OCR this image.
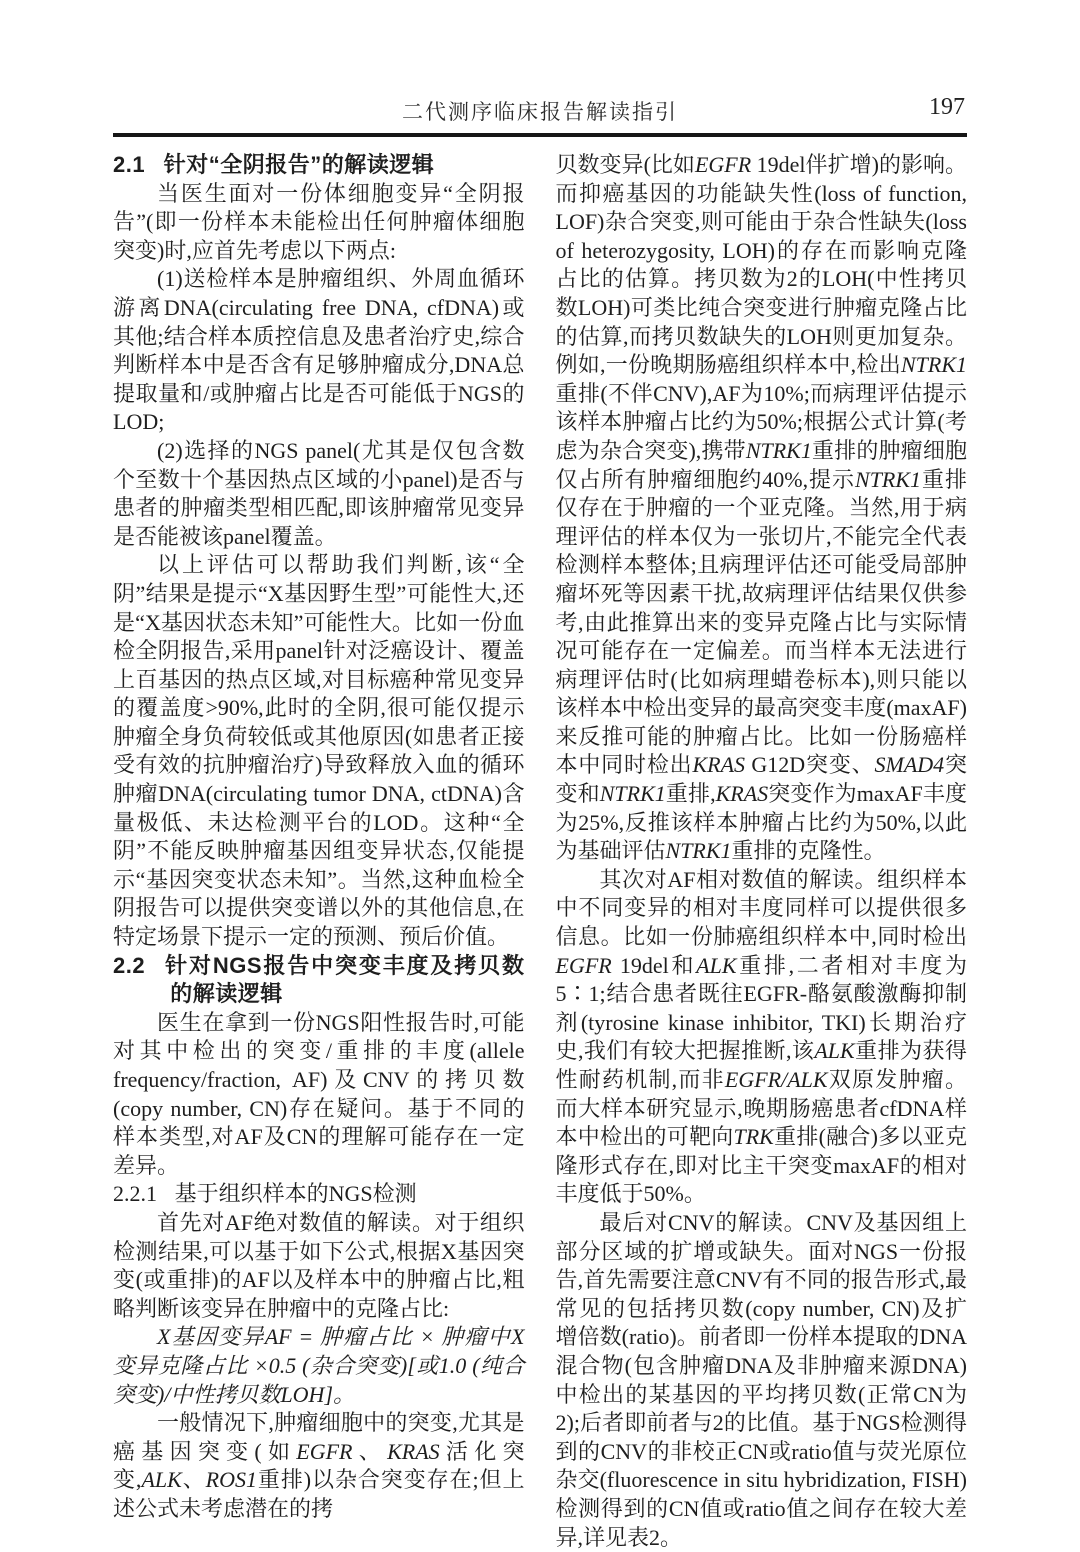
二代测序临床报告解读指引	197
2.1 针对“全阴报告”的解读逻辑
当医生面对一份体细胞变异“全阴报告”(即一份样本未能检出任何肿瘤体细胞突变)时,应首先考虑以下两点:
(1)送检样本是肿瘤组织、外周血循环游离DNA(circulating free DNA, cfDNA)或其他;结合样本质控信息及患者治疗史,综合判断样本中是否含有足够肿瘤成分,DNA总提取量和/或肿瘤占比是否可能低于NGS的LOD;
(2)选择的NGS panel(尤其是仅包含数个至数十个基因热点区域的小panel)是否与患者的肿瘤类型相匹配,即该肿瘤常见变异是否能被该panel覆盖。
以上评估可以帮助我们判断,该“全阴”结果是提示“X基因野生型”可能性大,还是“X基因状态未知”可能性大。比如一份血检全阴报告,采用panel针对泛癌设计、覆盖上百基因的热点区域,对目标癌种常见变异的覆盖度>90%,此时的全阴,很可能仅提示肿瘤全身负荷较低或其他原因(如患者正接受有效的抗肿瘤治疗)导致释放入血的循环肿瘤DNA(circulating tumor DNA, ctDNA)含量极低、未达检测平台的LOD。这种“全阴”不能反映肿瘤基因组变异状态,仅能提示“基因突变状态未知”。当然,这种血检全阴报告可以提供突变谱以外的其他信息,在特定场景下提示一定的预测、预后价值。
2.2 针对NGS报告中突变丰度及拷贝数的解读逻辑
医生在拿到一份NGS阳性报告时,可能对其中检出的突变/重排的丰度(allele frequency/fraction, AF)及CNV的拷贝数(copy number, CN)存在疑问。基于不同的样本类型,对AF及CN的理解可能存在一定差异。
2.2.1 基于组织样本的NGS检测
首先对AF绝对数值的解读。对于组织检测结果,可以基于如下公式,根据X基因突变(或重排)的AF以及样本中的肿瘤占比,粗略判断该变异在肿瘤中的克隆占比:
X基因变异AF = 肿瘤占比 × 肿瘤中X变异克隆占比 ×0.5 (杂合突变)[或1.0 (纯合突变)/中性拷贝数LOH]。
一般情况下,肿瘤细胞中的突变,尤其是癌基因突变(如EGFR、KRAS活化突变,ALK、ROS1重排)以杂合突变存在;但上述公式未考虑潜在的拷
贝数变异(比如EGFR 19del伴扩增)的影响。而抑癌基因的功能缺失性(loss of function, LOF)杂合突变,则可能由于杂合性缺失(loss of heterozygosity, LOH)的存在而影响克隆占比的估算。拷贝数为2的LOH(中性拷贝数LOH)可类比纯合突变进行肿瘤克隆占比的估算,而拷贝数缺失的LOH则更加复杂。例如,一份晚期肠癌组织样本中,检出NTRK1重排(不伴CNV),AF为10%;而病理评估提示该样本肿瘤占比约为50%;根据公式计算(考虑为杂合突变),携带NTRK1重排的肿瘤细胞仅占所有肿瘤细胞约40%,提示NTRK1重排仅存在于肿瘤的一个亚克隆。当然,用于病理评估的样本仅为一张切片,不能完全代表检测样本整体;且病理评估还可能受局部肿瘤坏死等因素干扰,故病理评估结果仅供参考,由此推算出来的变异克隆占比与实际情况可能存在一定偏差。而当样本无法进行病理评估时(比如病理蜡卷标本),则只能以该样本中检出变异的最高突变丰度(maxAF)来反推可能的肿瘤占比。比如一份肠癌样本中同时检出KRAS G12D突变、SMAD4突变和NTRK1重排,KRAS突变作为maxAF丰度为25%,反推该样本肿瘤占比约为50%,以此为基础评估NTRK1重排的克隆性。
其次对AF相对数值的解读。组织样本中不同变异的相对丰度同样可以提供很多信息。比如一份肺癌组织样本中,同时检出EGFR 19del和ALK重排,二者相对丰度为5∶1;结合患者既往EGFR-酪氨酸激酶抑制剂(tyrosine kinase inhibitor, TKI)长期治疗史,我们有较大把握推断,该ALK重排为获得性耐药机制,而非EGFR/ALK双原发肿瘤。而大样本研究显示,晚期肠癌患者cfDNA样本中检出的可靶向TRK重排(融合)多以亚克隆形式存在,即对比主干突变maxAF的相对丰度低于50%。
最后对CNV的解读。CNV及基因组上部分区域的扩增或缺失。面对NGS一份报告,首先需要注意CNV有不同的报告形式,最常见的包括拷贝数(copy number, CN)及扩增倍数(ratio)。前者即一份样本提取的DNA混合物(包含肿瘤DNA及非肿瘤来源DNA)中检出的某基因的平均拷贝数(正常CN为2);后者即前者与2的比值。基于NGS检测得到的CNV的非校正CN或ratio值与荧光原位杂交(fluorescence in situ hybridization, FISH)检测得到的CN值或ratio值之间存在较大差异,详见表2。
